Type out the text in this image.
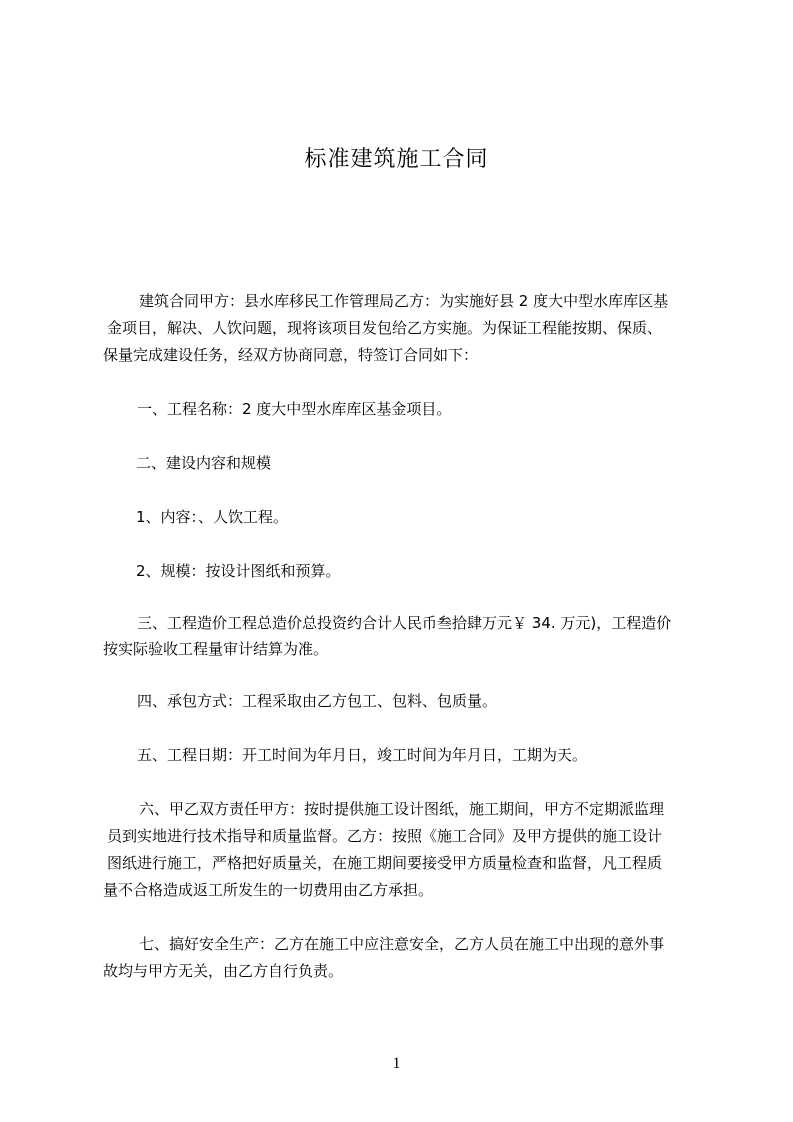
标准建筑施工合同

建筑合同甲方：县水库移民工作管理局乙方：为实施好县 2 度大中型水库库区基

金项目，解决、人饮问题，现将该项目发包给乙方实施。为保证工程能按期、保质、

保量完成建设任务，经双方协商同意，特签订合同如下：

一、工程名称：2 度大中型水库库区基金项目。

二、建设内容和规模

1、内容：、人饮工程。

2、规模：按设计图纸和预算。

三、工程造价工程总造价总投资约合计人民币叁拾肆万元￥ 34. 万元)，工程造价

按实际验收工程量审计结算为准。

四、承包方式：工程采取由乙方包工、包料、包质量。

五、工程日期：开工时间为年月日，竣工时间为年月日，工期为天。

六、甲乙双方责任甲方：按时提供施工设计图纸，施工期间，甲方不定期派监理

员到实地进行技术指导和质量监督。乙方：按照《施工合同》及甲方提供的施工设计

图纸进行施工，严格把好质量关，在施工期间要接受甲方质量检查和监督，凡工程质

量不合格造成返工所发生的一切费用由乙方承担。

七、搞好安全生产：乙方在施工中应注意安全，乙方人员在施工中出现的意外事

故均与甲方无关，由乙方自行负责。

1
